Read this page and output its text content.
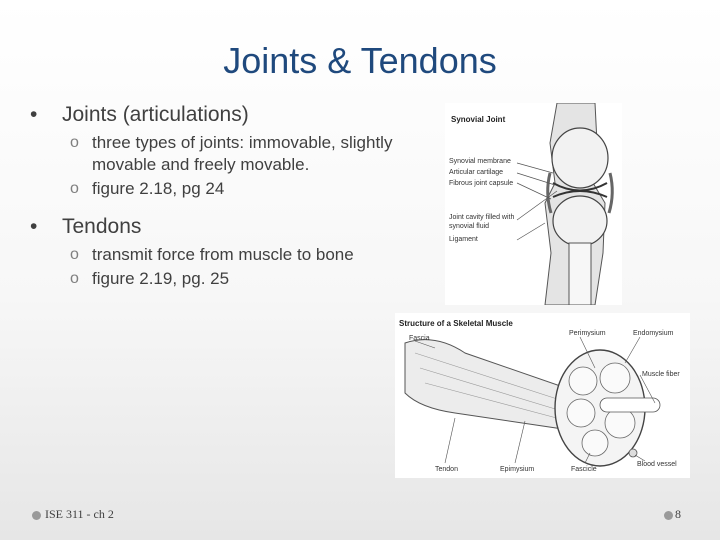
Joints & Tendons
• Joints (articulations)
o three types of joints: immovable, slightly movable and freely movable.
o figure 2.18, pg 24
• Tendons
o transmit force from muscle to bone
o figure 2.19, pg. 25
Synovial Joint
Synovial membrane
Articular cartilage
Fibrous joint capsule
Joint cavity filled with synovial fluid
Ligament
Structure of a Skeletal Muscle
Fascia
Perimysium	Endomysium
Muscle fiber
Tendon	Epimysium	Fascicle
Blood vessel
ISE 311 - ch 2	8
